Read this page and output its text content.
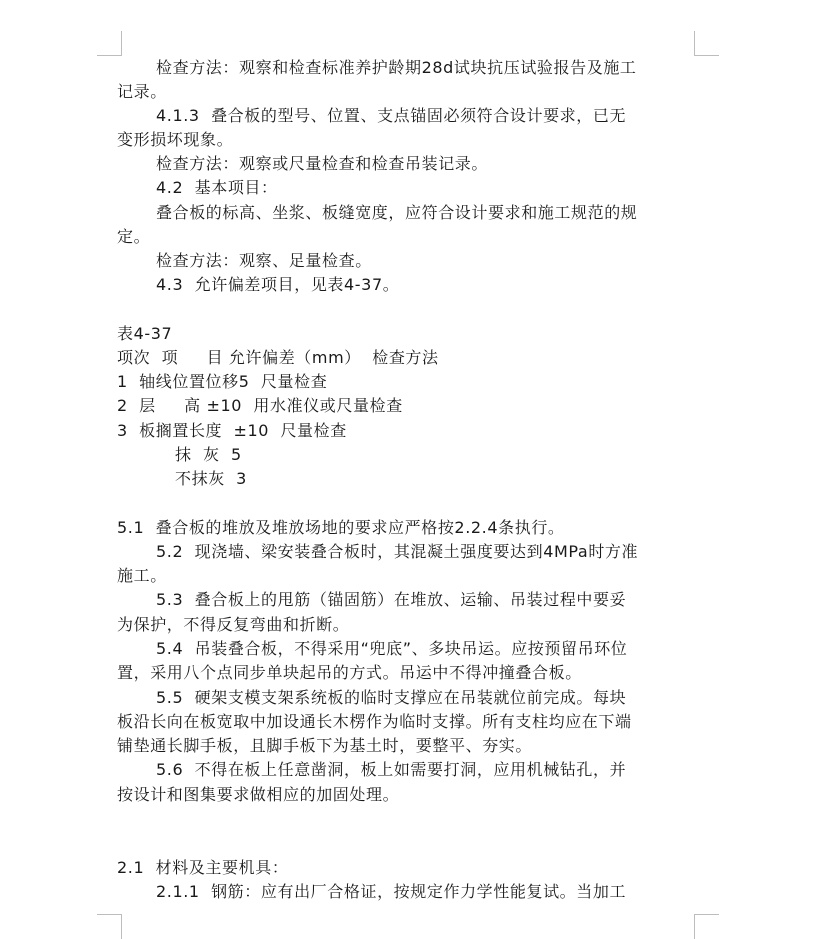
检查方法：观察和检查标准养护龄期28d试块抗压试验报告及施工
记录。
4.1.3  叠合板的型号、位置、支点锚固必须符合设计要求，已无
变形损坏现象。
检查方法：观察或尺量检查和检查吊装记录。
4.2  基本项目：
叠合板的标高、坐浆、板缝宽度，应符合设计要求和施工规范的规
定。
检查方法：观察、足量检查。
4.3  允许偏差项目，见表4-37。
表4-37
项次  项     目 允许偏差（mm）  检查方法
1  轴线位置位移5  尺量检查
2  层     高 ±10  用水准仪或尺量检查
3  板搁置长度  ±10  尺量检查
抹  灰  5
不抹灰  3
5.1  叠合板的堆放及堆放场地的要求应严格按2.2.4条执行。
5.2  现浇墙、梁安装叠合板时，其混凝土强度要达到4MPa时方准
施工。
5.3  叠合板上的甩筋（锚固筋）在堆放、运输、吊装过程中要妥
为保护，不得反复弯曲和折断。
5.4  吊装叠合板，不得采用“兜底”、多块吊运。应按预留吊环位
置，采用八个点同步单块起吊的方式。吊运中不得冲撞叠合板。
5.5  硬架支模支架系统板的临时支撑应在吊装就位前完成。每块
板沿长向在板宽取中加设通长木楞作为临时支撑。所有支柱均应在下端
铺垫通长脚手板，且脚手板下为基土时，要整平、夯实。
5.6  不得在板上任意凿洞，板上如需要打洞，应用机械钻孔，并
按设计和图集要求做相应的加固处理。
2.1  材料及主要机具：
2.1.1  钢筋：应有出厂合格证，按规定作力学性能复试。当加工
